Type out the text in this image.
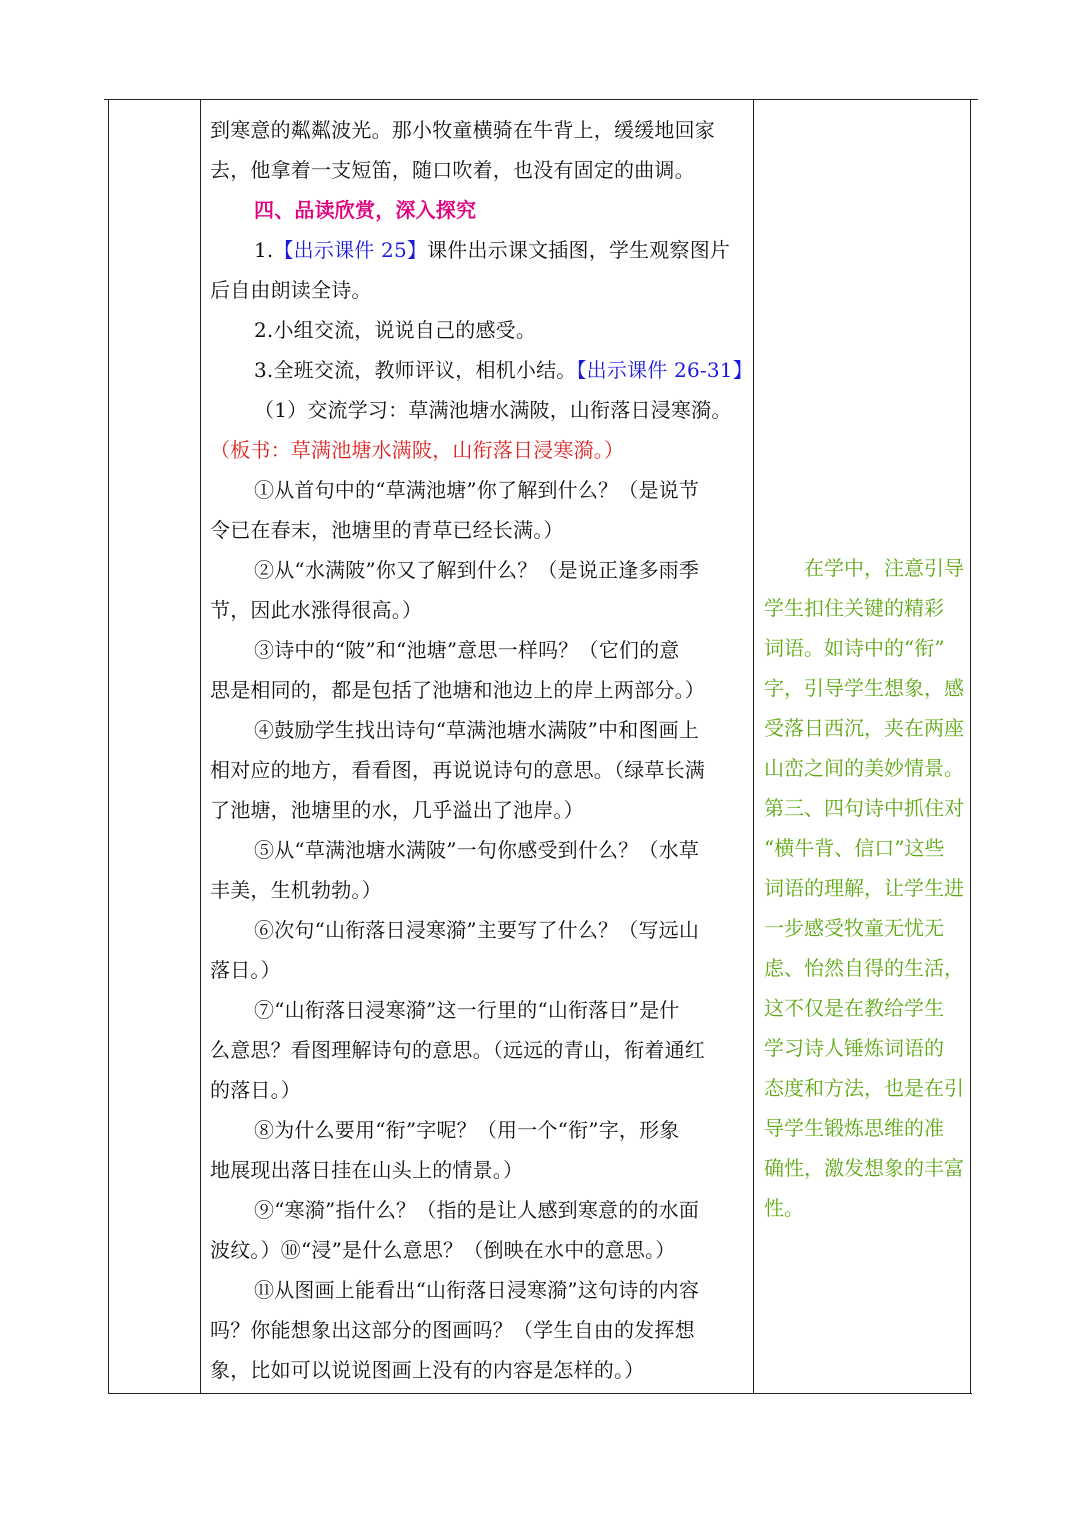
到寒意的粼粼波光。那小牧童横骑在牛背上，缓缓地回家
去，他拿着一支短笛，随口吹着，也没有固定的曲调。
四、品读欣赏，深入探究
1.【出示课件 25】课件出示课文插图，学生观察图片
后自由朗读全诗。
2.小组交流，说说自己的感受。
3.全班交流，教师评议，相机小结。【出示课件 26-31】
（1）交流学习：草满池塘水满陂，山衔落日浸寒漪。
（板书：草满池塘水满陂，山衔落日浸寒漪。）
①从首句中的“草满池塘”你了解到什么？（是说节
令已在春末，池塘里的青草已经长满。）
②从“水满陂”你又了解到什么？（是说正逢多雨季
节，因此水涨得很高。）
③诗中的“陂”和“池塘”意思一样吗？（它们的意
思是相同的，都是包括了池塘和池边上的岸上两部分。）
④鼓励学生找出诗句“草满池塘水满陂”中和图画上
相对应的地方，看看图，再说说诗句的意思。（绿草长满
了池塘，池塘里的水，几乎溢出了池岸。）
⑤从“草满池塘水满陂”一句你感受到什么？（水草
丰美，生机勃勃。）
⑥次句“山衔落日浸寒漪”主要写了什么？（写远山
落日。）
⑦“山衔落日浸寒漪”这一行里的“山衔落日”是什
么意思？看图理解诗句的意思。（远远的青山，衔着通红
的落日。）
⑧为什么要用“衔”字呢？（用一个“衔”字，形象
地展现出落日挂在山头上的情景。）
⑨“寒漪”指什么？（指的是让人感到寒意的的水面
波纹。）⑩“浸”是什么意思？（倒映在水中的意思。）
⑪从图画上能看出“山衔落日浸寒漪”这句诗的内容
吗？你能想象出这部分的图画吗？（学生自由的发挥想
象，比如可以说说图画上没有的内容是怎样的。）
　　在学中，注意引导
学生扣住关键的精彩
词语。如诗中的“衔”
字，引导学生想象，感
受落日西沉，夹在两座
山峦之间的美妙情景。
第三、四句诗中抓住对
“横牛背、信口”这些
词语的理解，让学生进
一步感受牧童无忧无
虑、怡然自得的生活，
这不仅是在教给学生
学习诗人锤炼词语的
态度和方法，也是在引
导学生锻炼思维的准
确性，激发想象的丰富
性。
